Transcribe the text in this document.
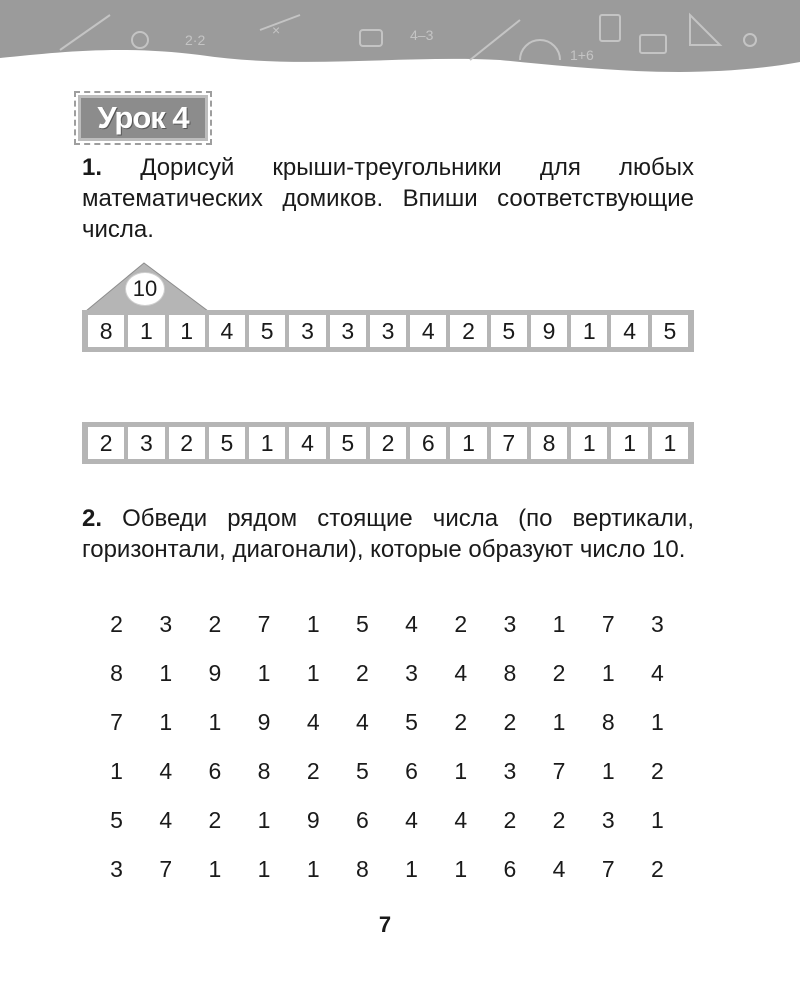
2·2
×	4–3
1+6
Урок 4

1. Дорисуй крыши-треугольники для любых математических домиков. Впиши соответствующие числа.

10
8	1	1	4	5	3	3	3	4	2	5	9	1	4	5
2	3	2	5	1	4	5	2	6	1	7	8	1	1	1

2. Обведи рядом стоящие числа (по вертикали, горизонтали, диагонали), которые образуют число 10.

2	3	2	7	1	5	4	2	3	1	7	3
8	1	9	1	1	2	3	4	8	2	1	4
7	1	1	9	4	4	5	2	2	1	8	1
1	4	6	8	2	5	6	1	3	7	1	2
5	4	2	1	9	6	4	4	2	2	3	1
3	7	1	1	1	8	1	1	6	4	7	2
7
